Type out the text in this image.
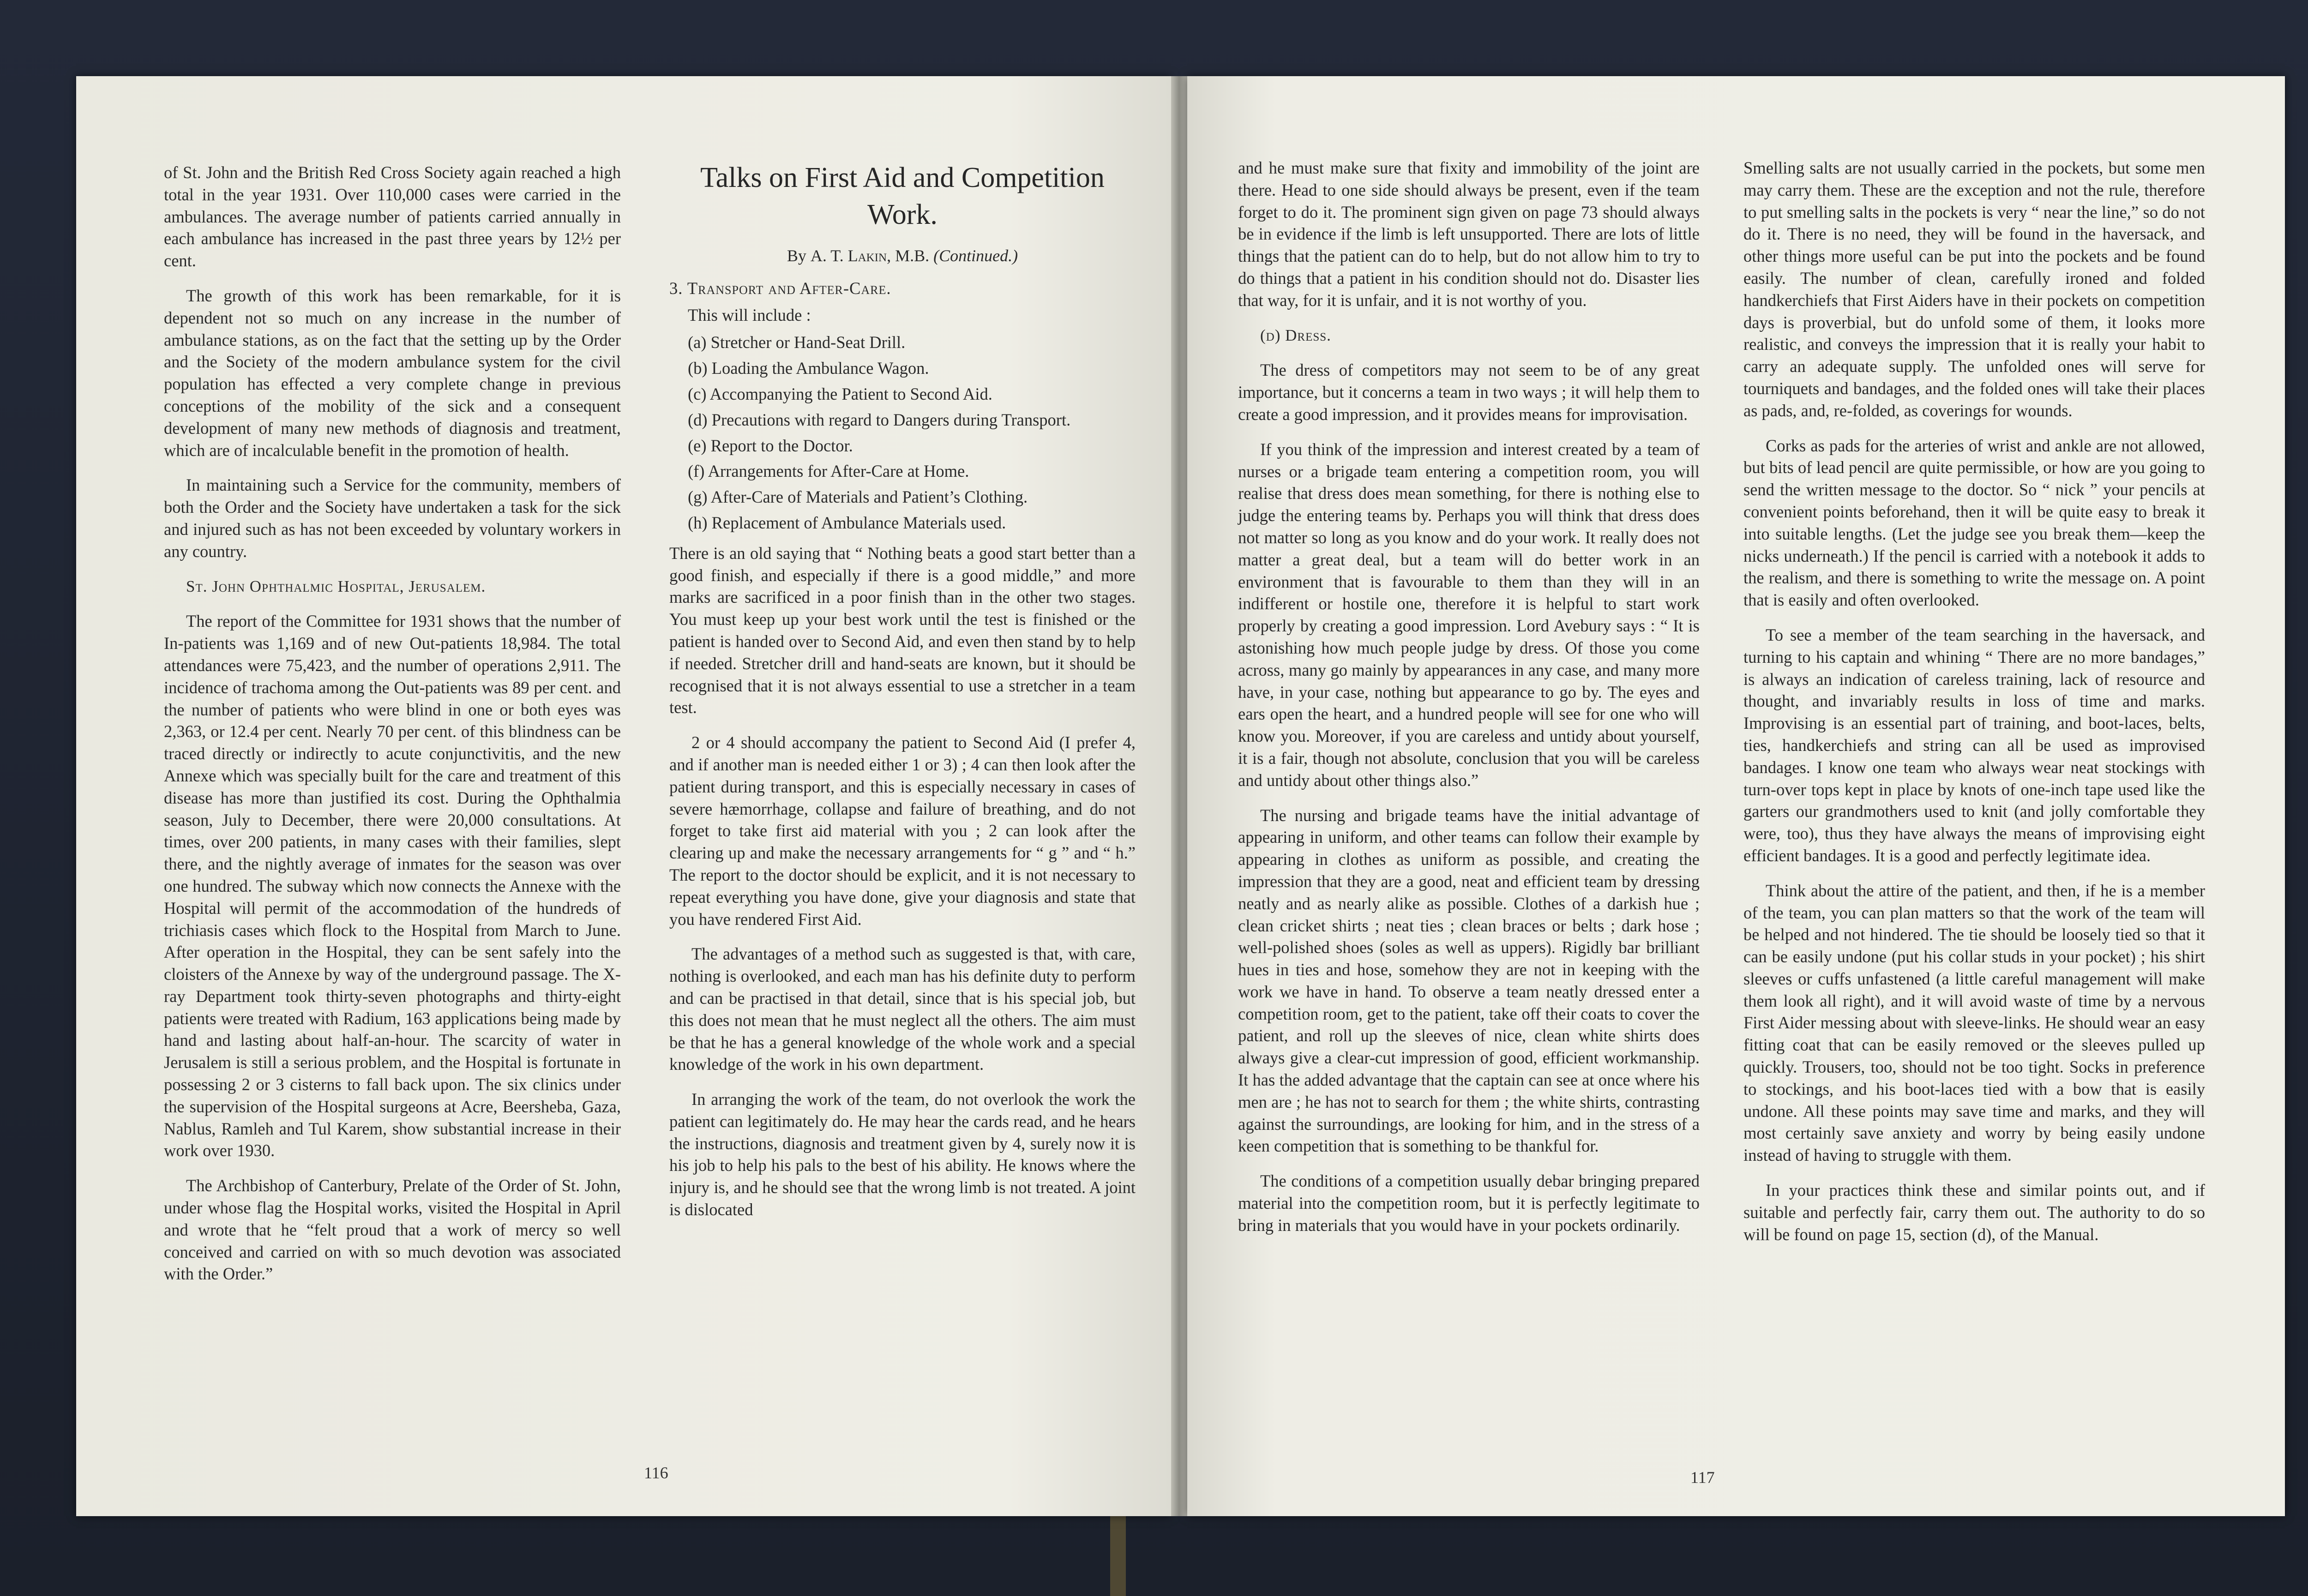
of St. John and the British Red Cross Society again reached a high total in the year 1931. Over 110,000 cases were carried in the ambulances. The average number of patients carried annually in each ambulance has increased in the past three years by 12½ per cent.

The growth of this work has been remarkable, for it is dependent not so much on any increase in the number of ambulance stations, as on the fact that the setting up by the Order and the Society of the modern ambulance system for the civil population has effected a very complete change in previous conceptions of the mobility of the sick and a consequent development of many new methods of diagnosis and treatment, which are of incalculable benefit in the promotion of health.

In maintaining such a Service for the community, members of both the Order and the Society have undertaken a task for the sick and injured such as has not been exceeded by voluntary workers in any country.

St. John Ophthalmic Hospital, Jerusalem.

The report of the Committee for 1931 shows that the number of In-patients was 1,169 and of new Out-patients 18,984. The total attendances were 75,423, and the number of operations 2,911. The incidence of trachoma among the Out-patients was 89 per cent. and the number of patients who were blind in one or both eyes was 2,363, or 12.4 per cent. Nearly 70 per cent. of this blindness can be traced directly or indirectly to acute conjunctivitis, and the new Annexe which was specially built for the care and treatment of this disease has more than justified its cost. During the Ophthalmia season, July to December, there were 20,000 consultations. At times, over 200 patients, in many cases with their families, slept there, and the nightly average of inmates for the season was over one hundred. The subway which now connects the Annexe with the Hospital will permit of the accommodation of the hundreds of trichiasis cases which flock to the Hospital from March to June. After operation in the Hospital, they can be sent safely into the cloisters of the Annexe by way of the underground passage. The X-ray Department took thirty-seven photographs and thirty-eight patients were treated with Radium, 163 applications being made by hand and lasting about half-an-hour. The scarcity of water in Jerusalem is still a serious problem, and the Hospital is fortunate in possessing 2 or 3 cisterns to fall back upon. The six clinics under the supervision of the Hospital surgeons at Acre, Beersheba, Gaza, Nablus, Ramleh and Tul Karem, show substantial increase in their work over 1930.

The Archbishop of Canterbury, Prelate of the Order of St. John, under whose flag the Hospital works, visited the Hospital in April and wrote that he “felt proud that a work of mercy so well conceived and carried on with so much devotion was associated with the Order.”

Talks on First Aid and Competition Work.
By A. T. Lakin, M.B. (Continued.)
3. Transport and After-Care.
This will include :
(a) Stretcher or Hand-Seat Drill.
(b) Loading the Ambulance Wagon.
(c) Accompanying the Patient to Second Aid.
(d) Precautions with regard to Dangers during Transport.
(e) Report to the Doctor.
(f) Arrangements for After-Care at Home.
(g) After-Care of Materials and Patient’s Clothing.
(h) Replacement of Ambulance Materials used.

There is an old saying that “ Nothing beats a good start better than a good finish, and especially if there is a good middle,” and more marks are sacrificed in a poor finish than in the other two stages. You must keep up your best work until the test is finished or the patient is handed over to Second Aid, and even then stand by to help if needed. Stretcher drill and hand-seats are known, but it should be recognised that it is not always essential to use a stretcher in a team test.

2 or 4 should accompany the patient to Second Aid (I prefer 4, and if another man is needed either 1 or 3) ; 4 can then look after the patient during transport, and this is especially necessary in cases of severe hæmorrhage, collapse and failure of breathing, and do not forget to take first aid material with you ; 2 can look after the clearing up and make the necessary arrangements for “ g ” and “ h.” The report to the doctor should be explicit, and it is not necessary to repeat everything you have done, give your diagnosis and state that you have rendered First Aid.

The advantages of a method such as suggested is that, with care, nothing is overlooked, and each man has his definite duty to perform and can be practised in that detail, since that is his special job, but this does not mean that he must neglect all the others. The aim must be that he has a general knowledge of the whole work and a special knowledge of the work in his own department.

In arranging the work of the team, do not overlook the work the patient can legitimately do. He may hear the cards read, and he hears the instructions, diagnosis and treatment given by 4, surely now it is his job to help his pals to the best of his ability. He knows where the injury is, and he should see that the wrong limb is not treated. A joint is dislocated

116

and he must make sure that fixity and immobility of the joint are there. Head to one side should always be present, even if the team forget to do it. The prominent sign given on page 73 should always be in evidence if the limb is left unsupported. There are lots of little things that the patient can do to help, but do not allow him to try to do things that a patient in his condition should not do. Disaster lies that way, for it is unfair, and it is not worthy of you.

(d) Dress.

The dress of competitors may not seem to be of any great importance, but it concerns a team in two ways ; it will help them to create a good impression, and it provides means for improvisation.

If you think of the impression and interest created by a team of nurses or a brigade team entering a competition room, you will realise that dress does mean something, for there is nothing else to judge the entering teams by. Perhaps you will think that dress does not matter so long as you know and do your work. It really does not matter a great deal, but a team will do better work in an environment that is favourable to them than they will in an indifferent or hostile one, therefore it is helpful to start work properly by creating a good impression. Lord Avebury says : “ It is astonishing how much people judge by dress. Of those you come across, many go mainly by appearances in any case, and many more have, in your case, nothing but appearance to go by. The eyes and ears open the heart, and a hundred people will see for one who will know you. Moreover, if you are careless and untidy about yourself, it is a fair, though not absolute, conclusion that you will be careless and untidy about other things also.”

The nursing and brigade teams have the initial advantage of appearing in uniform, and other teams can follow their example by appearing in clothes as uniform as possible, and creating the impression that they are a good, neat and efficient team by dressing neatly and as nearly alike as possible. Clothes of a darkish hue ; clean cricket shirts ; neat ties ; clean braces or belts ; dark hose ; well-polished shoes (soles as well as uppers). Rigidly bar brilliant hues in ties and hose, somehow they are not in keeping with the work we have in hand. To observe a team neatly dressed enter a competition room, get to the patient, take off their coats to cover the patient, and roll up the sleeves of nice, clean white shirts does always give a clear-cut impression of good, efficient workmanship. It has the added advantage that the captain can see at once where his men are ; he has not to search for them ; the white shirts, contrasting against the surroundings, are looking for him, and in the stress of a keen competition that is something to be thankful for.

The conditions of a competition usually debar bringing prepared material into the competition room, but it is perfectly legitimate to bring in materials that you would have in your pockets ordinarily.

Smelling salts are not usually carried in the pockets, but some men may carry them. These are the exception and not the rule, therefore to put smelling salts in the pockets is very “ near the line,” so do not do it. There is no need, they will be found in the haversack, and other things more useful can be put into the pockets and be found easily. The number of clean, carefully ironed and folded handkerchiefs that First Aiders have in their pockets on competition days is proverbial, but do unfold some of them, it looks more realistic, and conveys the impression that it is really your habit to carry an adequate supply. The unfolded ones will serve for tourniquets and bandages, and the folded ones will take their places as pads, and, re-folded, as coverings for wounds.

Corks as pads for the arteries of wrist and ankle are not allowed, but bits of lead pencil are quite permissible, or how are you going to send the written message to the doctor. So “ nick ” your pencils at convenient points beforehand, then it will be quite easy to break it into suitable lengths. (Let the judge see you break them—keep the nicks underneath.) If the pencil is carried with a notebook it adds to the realism, and there is something to write the message on. A point that is easily and often overlooked.

To see a member of the team searching in the haversack, and turning to his captain and whining “ There are no more bandages,” is always an indication of careless training, lack of resource and thought, and invariably results in loss of time and marks. Improvising is an essential part of training, and boot-laces, belts, ties, handkerchiefs and string can all be used as improvised bandages. I know one team who always wear neat stockings with turn-over tops kept in place by knots of one-inch tape used like the garters our grandmothers used to knit (and jolly comfortable they were, too), thus they have always the means of improvising eight efficient bandages. It is a good and perfectly legitimate idea.

Think about the attire of the patient, and then, if he is a member of the team, you can plan matters so that the work of the team will be helped and not hindered. The tie should be loosely tied so that it can be easily undone (put his collar studs in your pocket) ; his shirt sleeves or cuffs unfastened (a little careful management will make them look all right), and it will avoid waste of time by a nervous First Aider messing about with sleeve-links. He should wear an easy fitting coat that can be easily removed or the sleeves pulled up quickly. Trousers, too, should not be too tight. Socks in preference to stockings, and his boot-laces tied with a bow that is easily undone. All these points may save time and marks, and they will most certainly save anxiety and worry by being easily undone instead of having to struggle with them.

In your practices think these and similar points out, and if suitable and perfectly fair, carry them out. The authority to do so will be found on page 15, section (d), of the Manual.

117
